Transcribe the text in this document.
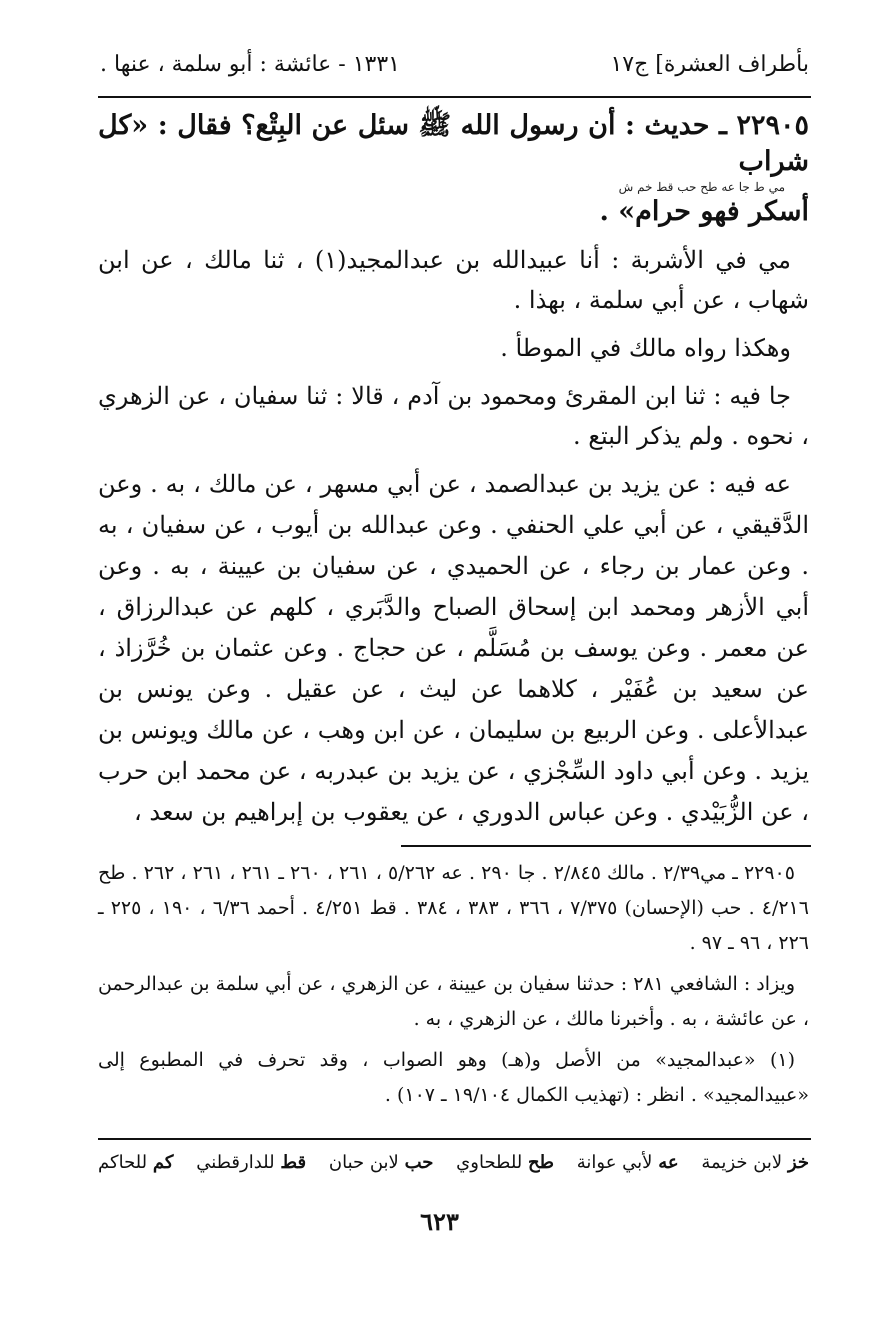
بأطراف العشرة] ج١٧
١٣٣١ - عائشة : أبو سلمة ، عنها .

٢٢٩٠٥ ـ حديث : أن رسول الله ﷺ سئل عن البِتْع؟ فقال : «كل شراب

مي ط جا عه طح حب قط خم ش

أسكر فهو حرام» .

مي في الأشربة : أنا عبيدالله بن عبدالمجيد(١) ، ثنا مالك ، عن ابن شهاب ، عن أبي سلمة ، بهذا .

وهكذا رواه مالك في الموطأ .

جا فيه : ثنا ابن المقرئ ومحمود بن آدم ، قالا : ثنا سفيان ، عن الزهري ، نحوه . ولم يذكر البتع .

عه فيه : عن يزيد بن عبدالصمد ، عن أبي مسهر ، عن مالك ، به . وعن الدَّقيقي ، عن أبي علي الحنفي . وعن عبدالله بن أيوب ، عن سفيان ، به . وعن عمار بن رجاء ، عن الحميدي ، عن سفيان بن عيينة ، به . وعن أبي الأزهر ومحمد ابن إسحاق الصباح والدَّبَري ، كلهم عن عبدالرزاق ، عن معمر . وعن يوسف بن مُسَلَّم ، عن حجاج . وعن عثمان بن خُرَّزاذ ، عن سعيد بن عُفَيْر ، كلاهما عن ليث ، عن عقيل . وعن يونس بن عبدالأعلى . وعن الربيع بن سليمان ، عن ابن وهب ، عن مالك ويونس بن يزيد . وعن أبي داود السِّجْزي ، عن يزيد بن عبدربه ، عن محمد ابن حرب ، عن الزُّبَيْدي . وعن عباس الدوري ، عن يعقوب بن إبراهيم بن سعد ،

٢٢٩٠٥ ـ مي٢/٣٩ . مالك ٢/٨٤٥ . جا ٢٩٠ . عه ٥/٢٦٢ ، ٢٦١ ، ٢٦٠ ـ ٢٦١ ، ٢٦١ ، ٢٦٢ . طح ٤/٢١٦ . حب (الإحسان) ٧/٣٧٥ ، ٣٦٦ ، ٣٨٣ ، ٣٨٤ . قط ٤/٢٥١ . أحمد ٦/٣٦ ، ١٩٠ ، ٢٢٥ ـ ٢٢٦ ، ٩٦ ـ ٩٧ .

ويزاد : الشافعي ٢٨١ : حدثنا سفيان بن عيينة ، عن الزهري ، عن أبي سلمة بن عبدالرحمن ، عن عائشة ، به . وأخبرنا مالك ، عن الزهري ، به .

(١) «عبدالمجيد» من الأصل و(هـ) وهو الصواب ، وقد تحرف في المطبوع إلى «عبيدالمجيد» . انظر : (تهذيب الكمال ١٩/١٠٤ ـ ١٠٧) .

خز لابن خزيمة
عه لأبي عوانة
طح للطحاوي
حب لابن حبان
قط للدارقطني
كم للحاكم
٦٢٣
